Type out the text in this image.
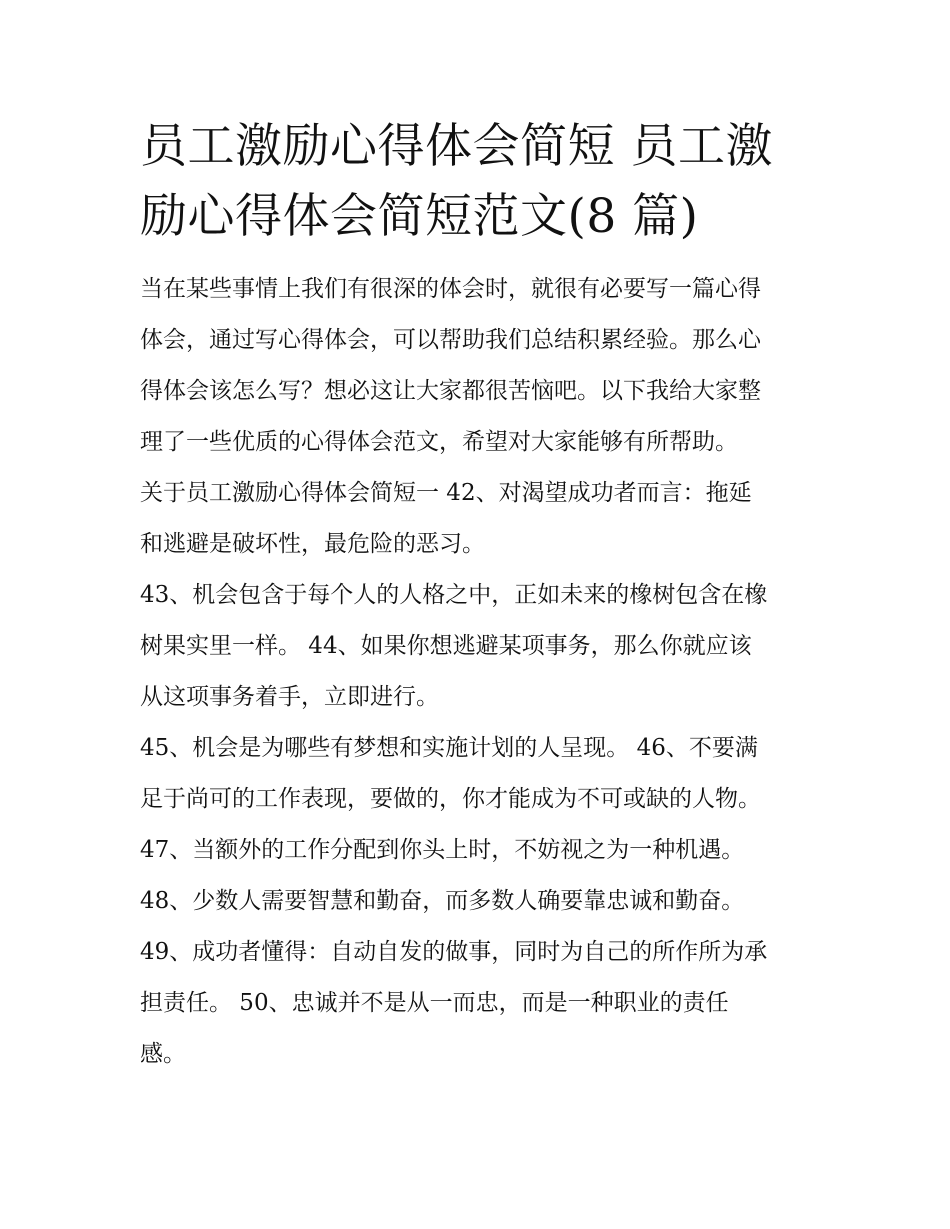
员工激励心得体会简短 员工激
励心得体会简短范文(8 篇)

当在某些事情上我们有很深的体会时，就很有必要写一篇心得
体会，通过写心得体会，可以帮助我们总结积累经验。那么心
得体会该怎么写？想必这让大家都很苦恼吧。以下我给大家整
理了一些优质的心得体会范文，希望对大家能够有所帮助。

关于员工激励心得体会简短一 42、对渴望成功者而言：拖延
和逃避是破坏性，最危险的恶习。

43、机会包含于每个人的人格之中，正如未来的橡树包含在橡
树果实里一样。 44、如果你想逃避某项事务，那么你就应该
从这项事务着手，立即进行。

45、机会是为哪些有梦想和实施计划的人呈现。 46、不要满
足于尚可的工作表现，要做的，你才能成为不可或缺的人物。

47、当额外的工作分配到你头上时，不妨视之为一种机遇。

48、少数人需要智慧和勤奋，而多数人确要靠忠诚和勤奋。

49、成功者懂得：自动自发的做事，同时为自己的所作所为承
担责任。 50、忠诚并不是从一而忠，而是一种职业的责任
感。
